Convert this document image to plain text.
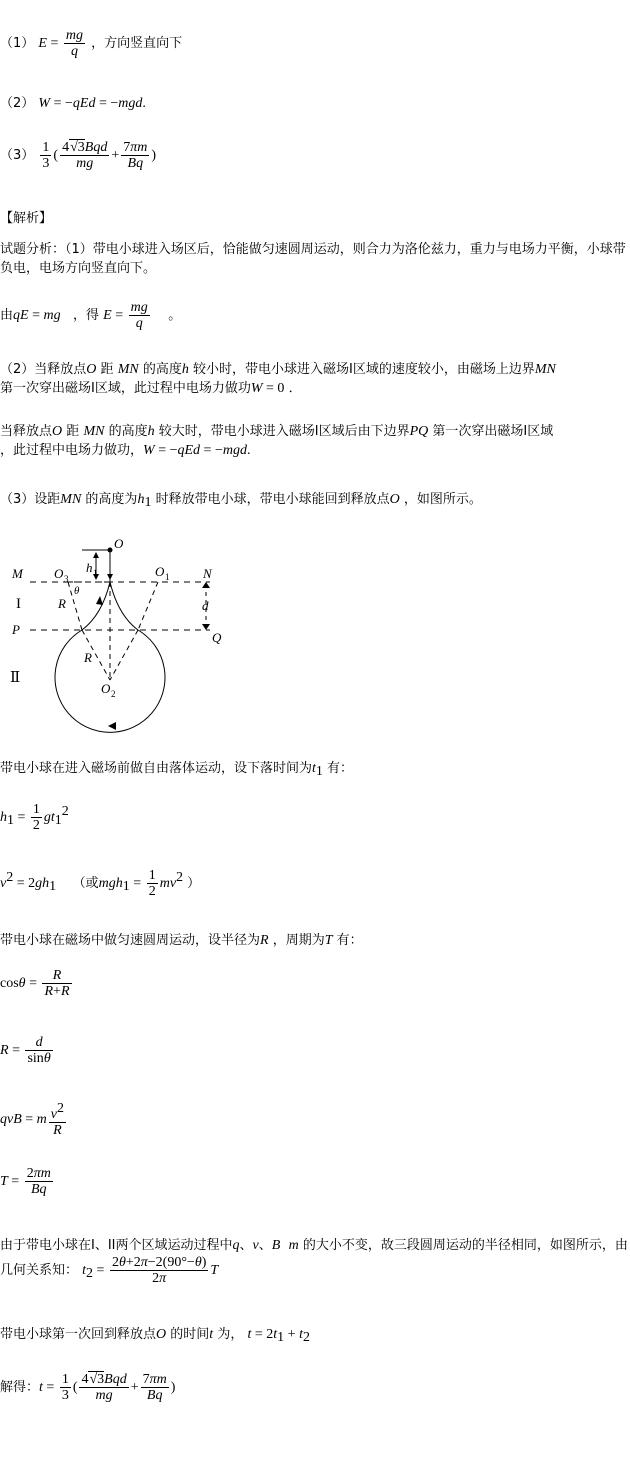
（1） $E = \frac{mg}{q}$ ，方向竖直向下
（2） W = −qEd = −mgd.
$(3) \frac{1}{3}$ ( $\frac{\text{4√3Bqd}}{mg} + \frac{7\pi m}{Bq}$ )
【解析】
试题分析：（1）带电小球进入场区后，恰能做匀速圆周运动，则合力为洛伦兹力，重力与电场力平衡，小球带负电，电场方向竖直向下。
由qE = mg ，得 $E = \frac{mg}{q}$ 。
（2）当释放点O 距 MN 的高度h 较小时，带电小球进入磁场I区域的速度较小，由磁场上边界MN
第一次穿出磁场I区域，此过程中电场力做功W = 0 ．
当释放点O 距 MN 的高度h 较大时，带电小球进入磁场I区域后由下边界PQ 第一次穿出磁场I区域
，此过程中电场力做功，W = −qEd = −mgd.
（3）设距MN 的高度为$h_1$ 时释放带电小球，带电小球能回到释放点O ，如图所示。
O
M	N
P
Q
O 3	O 1
O 2
h 1
R
R
θ
d
I
Ⅱ
带电小球在进入磁场前做自由落体运动，设下落时间为$t_1$ 有：
$h_1 = \frac{1}{2} gt_1^2$
$v^2 = 2gh_1$ （或$mgh_1 = \frac{1}{2} mv^2$ ）
带电小球在磁场中做匀速圆周运动，设半径为R ，周期为T 有：
$\cos\theta = \frac{R}{R+R}$
$R = \frac{d}{\sin\theta}$
qvB = m $\frac{v^2}{R}$
$T = \frac{2\pi m}{Bq}$
由于带电小球在I、II两个区域运动过程中q、v、B m 的大小不变，故三段圆周运动的半径相同，如图所示，由几何关系知： $t_2 = \frac{2\theta+2\pi-2(90^\circ-\theta)}{2\pi}$ T
带电小球第一次回到释放点O 的时间t 为， $t = 2t_1 + t_2$
解得：$t = \frac{1}{3}$ ( $\frac{\text{4√3Bqd}}{mg} + \frac{7\pi m}{Bq}$ )
